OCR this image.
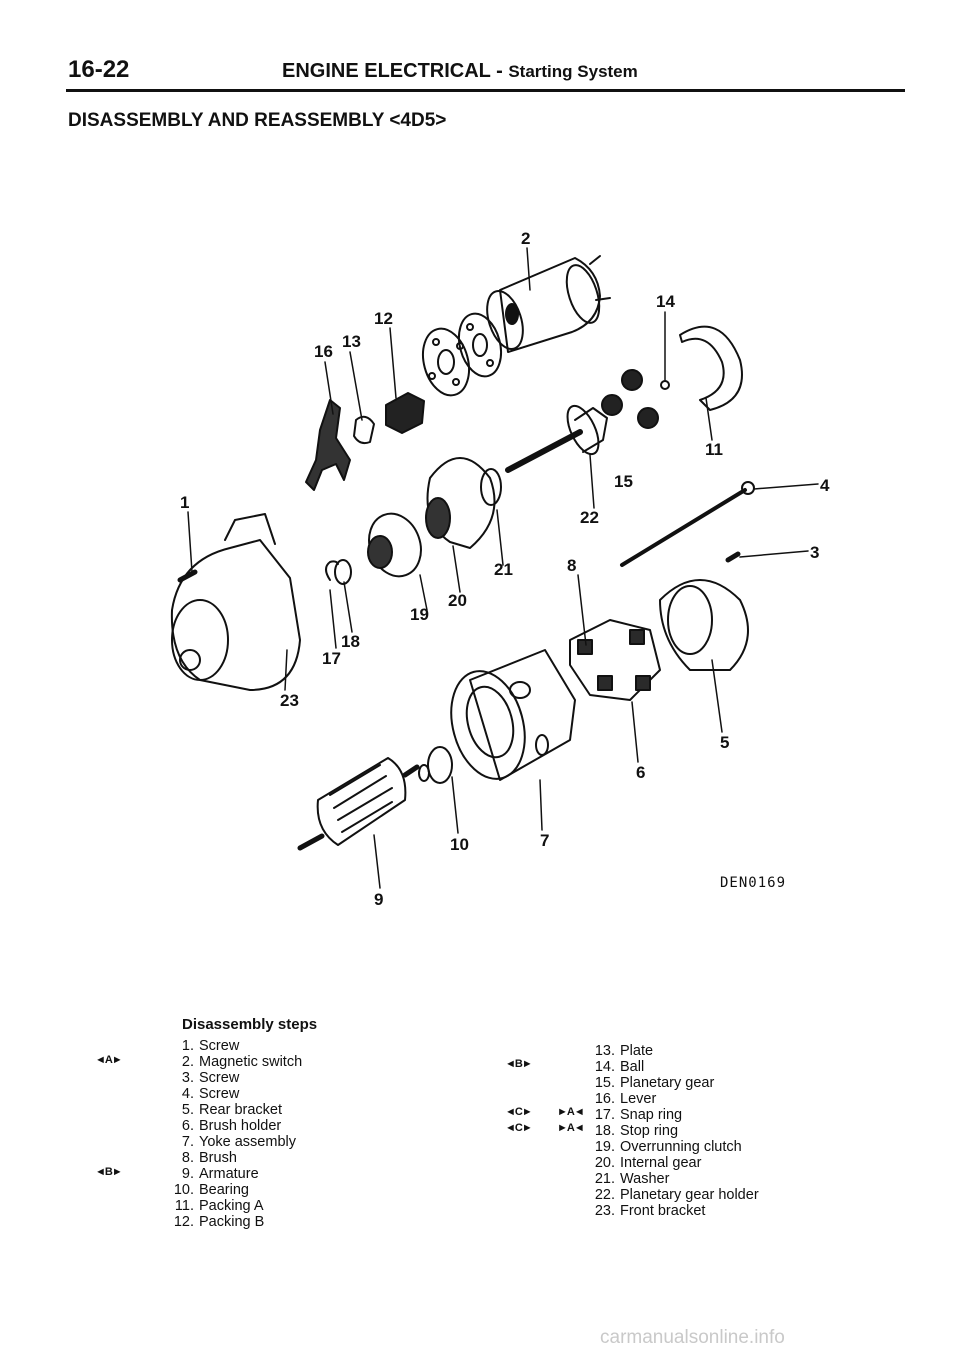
16-22	ENGINE ELECTRICAL - Starting System
DISASSEMBLY AND REASSEMBLY <4D5>
1
2
3
4
5
6
7
8
9
10
11
12
13
14
15
16
17
18
19
20
21
22
23
DEN0169
Disassembly steps
1. Screw
2. Magnetic switch
3. Screw
4. Screw
5. Rear bracket
6. Brush holder
7. Yoke assembly
8. Brush
9. Armature
10. Bearing
11. Packing A
12. Packing B
13. Plate
14. Ball
15. Planetary gear
16. Lever
17. Snap ring
18. Stop ring
19. Overrunning clutch
20. Internal gear
21. Washer
22. Planetary gear holder
23. Front bracket
◄A►
◄B►
◄B►
◄C► ►A◄
◄C► ►A◄
carmanualsonline.info
